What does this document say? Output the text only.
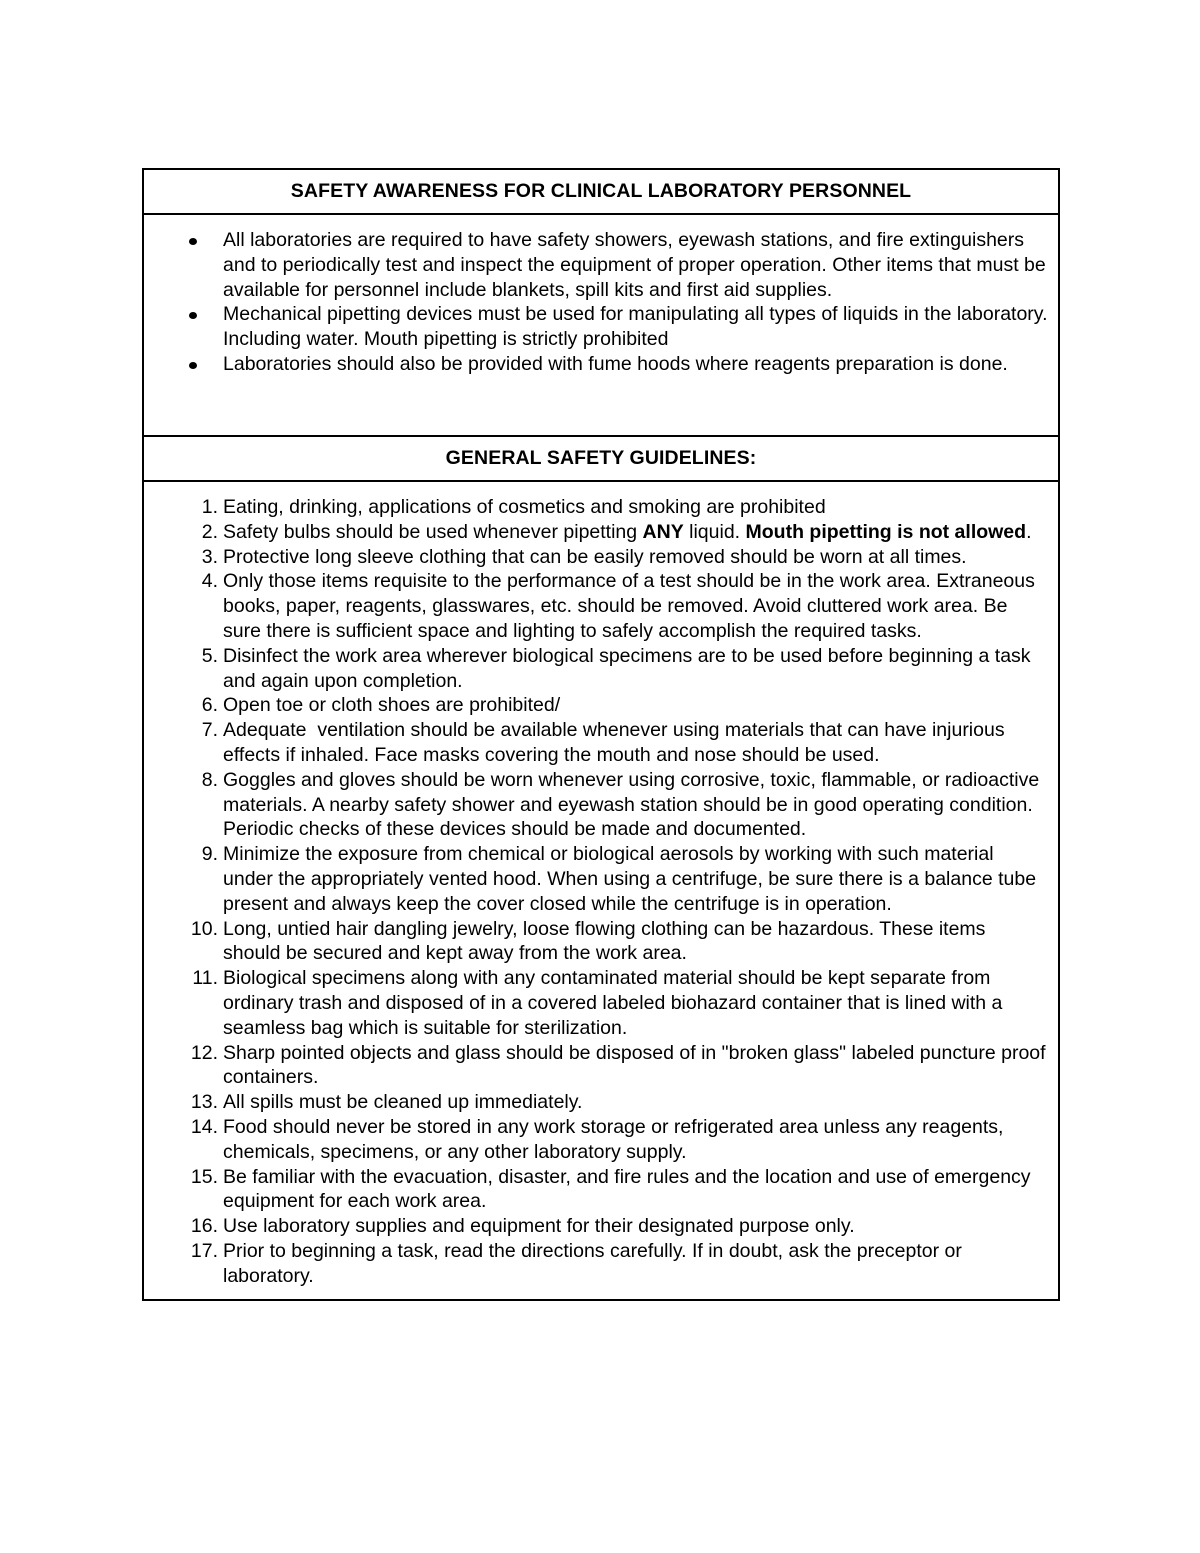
SAFETY AWARENESS FOR CLINICAL LABORATORY PERSONNEL
All laboratories are required to have safety showers, eyewash stations, and fire extinguishers and to periodically test and inspect the equipment of proper operation. Other items that must be available for personnel include blankets, spill kits and first aid supplies.
Mechanical pipetting devices must be used for manipulating all types of liquids in the laboratory. Including water. Mouth pipetting is strictly prohibited
Laboratories should also be provided with fume hoods where reagents preparation is done.
GENERAL SAFETY GUIDELINES:
1. Eating, drinking, applications of cosmetics and smoking are prohibited
2. Safety bulbs should be used whenever pipetting ANY liquid. Mouth pipetting is not allowed.
3. Protective long sleeve clothing that can be easily removed should be worn at all times.
4. Only those items requisite to the performance of a test should be in the work area. Extraneous books, paper, reagents, glasswares, etc. should be removed. Avoid cluttered work area. Be sure there is sufficient space and lighting to safely accomplish the required tasks.
5. Disinfect the work area wherever biological specimens are to be used before beginning a task and again upon completion.
6. Open toe or cloth shoes are prohibited/
7. Adequate  ventilation should be available whenever using materials that can have injurious effects if inhaled. Face masks covering the mouth and nose should be used.
8. Goggles and gloves should be worn whenever using corrosive, toxic, flammable, or radioactive materials. A nearby safety shower and eyewash station should be in good operating condition. Periodic checks of these devices should be made and documented.
9. Minimize the exposure from chemical or biological aerosols by working with such material under the appropriately vented hood. When using a centrifuge, be sure there is a balance tube present and always keep the cover closed while the centrifuge is in operation.
10. Long, untied hair dangling jewelry, loose flowing clothing can be hazardous. These items should be secured and kept away from the work area.
11. Biological specimens along with any contaminated material should be kept separate from ordinary trash and disposed of in a covered labeled biohazard container that is lined with a seamless bag which is suitable for sterilization.
12. Sharp pointed objects and glass should be disposed of in "broken glass" labeled puncture proof containers.
13. All spills must be cleaned up immediately.
14. Food should never be stored in any work storage or refrigerated area unless any reagents, chemicals, specimens, or any other laboratory supply.
15. Be familiar with the evacuation, disaster, and fire rules and the location and use of emergency equipment for each work area.
16. Use laboratory supplies and equipment for their designated purpose only.
17. Prior to beginning a task, read the directions carefully. If in doubt, ask the preceptor or laboratory.
